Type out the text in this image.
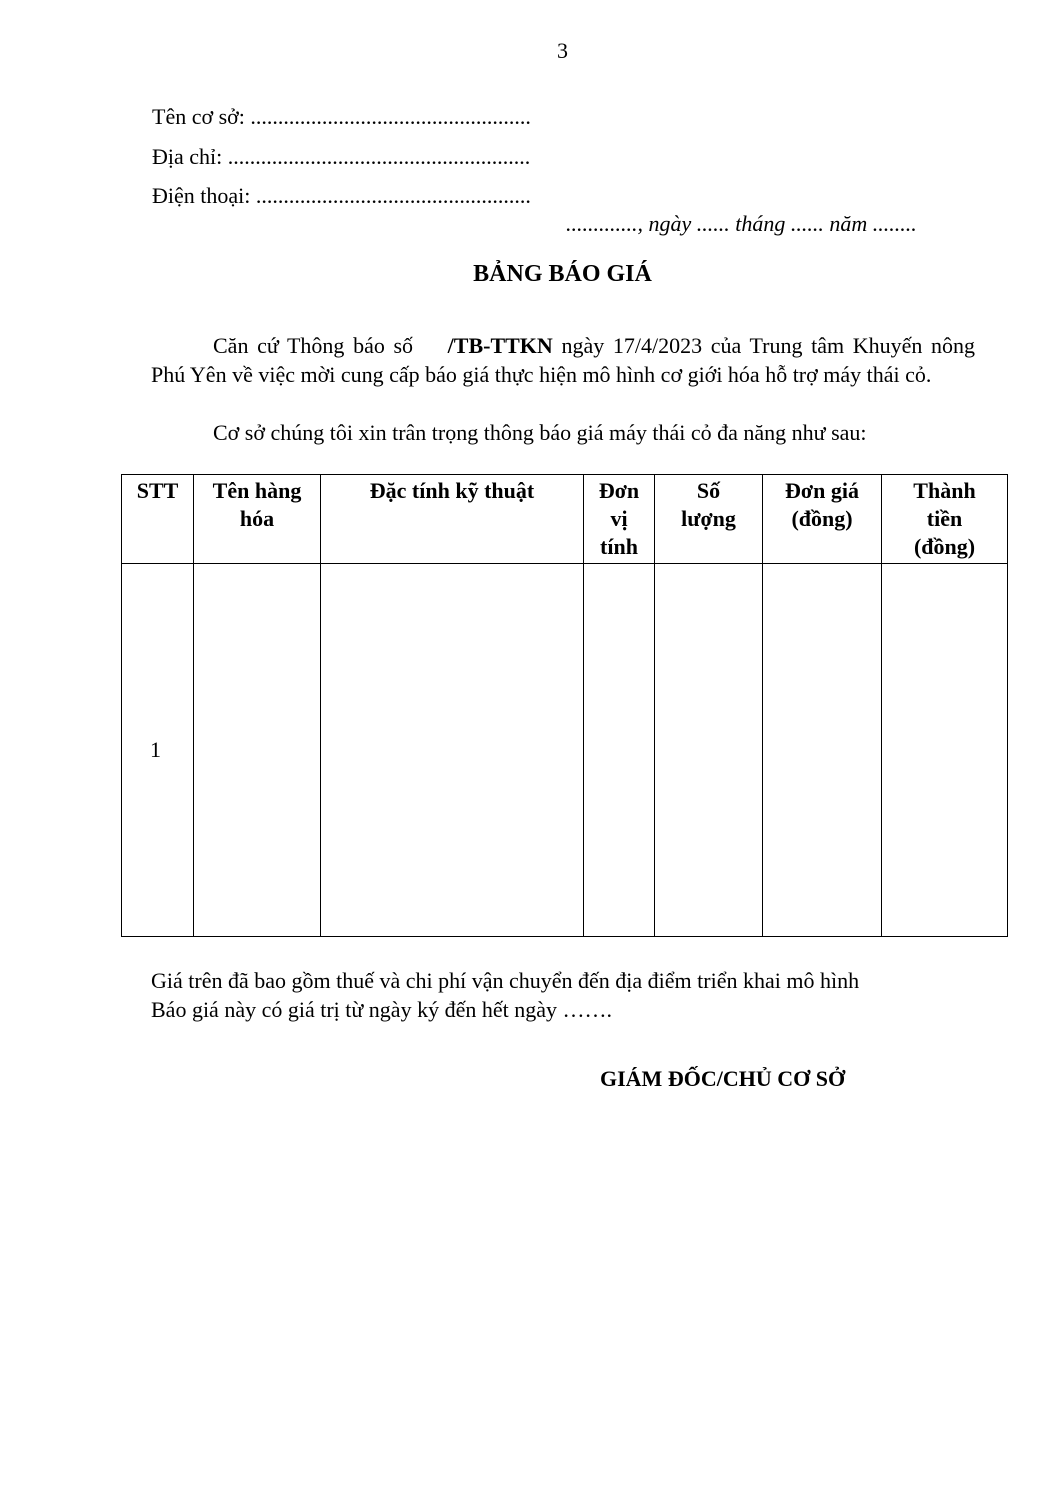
3
Tên cơ sở: ...................................................
Địa chỉ: .......................................................
Điện thoại: ..................................................
............., ngày ...... tháng ...... năm ........
BẢNG BÁO GIÁ
Căn cứ Thông báo số /TB-TTKN ngày 17/4/2023 của Trung tâm Khuyến nông Phú Yên về việc mời cung cấp báo giá thực hiện mô hình cơ giới hóa hỗ trợ máy thái cỏ.
Cơ sở chúng tôi xin trân trọng thông báo giá máy thái cỏ đa năng như sau:
STT	Tên hàng hóa	Đặc tính kỹ thuật	Đơn vị tính	Số lượng	Đơn giá (đồng)	Thành tiền (đồng)
1						
Giá trên đã bao gồm thuế và chi phí vận chuyển đến địa điểm triển khai mô hình
Báo giá này có giá trị từ ngày ký đến hết ngày …….
GIÁM ĐỐC/CHỦ CƠ SỞ
